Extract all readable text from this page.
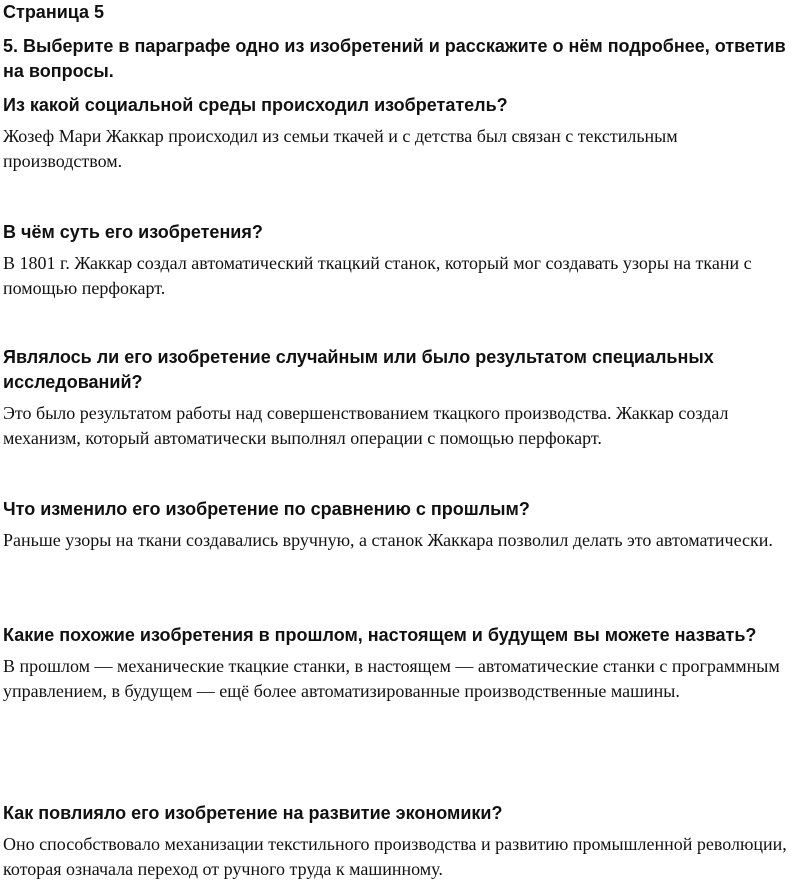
Страница 5
5. Выберите в параграфе одно из изобретений и расскажите о нём подробнее, ответив на вопросы.
Из какой социальной среды происходил изобретатель?
Жозеф Мари Жаккар происходил из семьи ткачей и с детства был связан с текстильным производством.
В чём суть его изобретения?
В 1801 г. Жаккар создал автоматический ткацкий станок, который мог создавать узоры на ткани с помощью перфокарт.
Являлось ли его изобретение случайным или было результатом специальных исследований?
Это было результатом работы над совершенствованием ткацкого производства. Жаккар создал механизм, который автоматически выполнял операции с помощью перфокарт.
Что изменило его изобретение по сравнению с прошлым?
Раньше узоры на ткани создавались вручную, а станок Жаккара позволил делать это автоматически.
Какие похожие изобретения в прошлом, настоящем и будущем вы можете назвать?
В прошлом — механические ткацкие станки, в настоящем — автоматические станки с программным управлением, в будущем — ещё более автоматизированные производственные машины.
Как повлияло его изобретение на развитие экономики?
Оно способствовало механизации текстильного производства и развитию промышленной революции, которая означала переход от ручного труда к машинному.
